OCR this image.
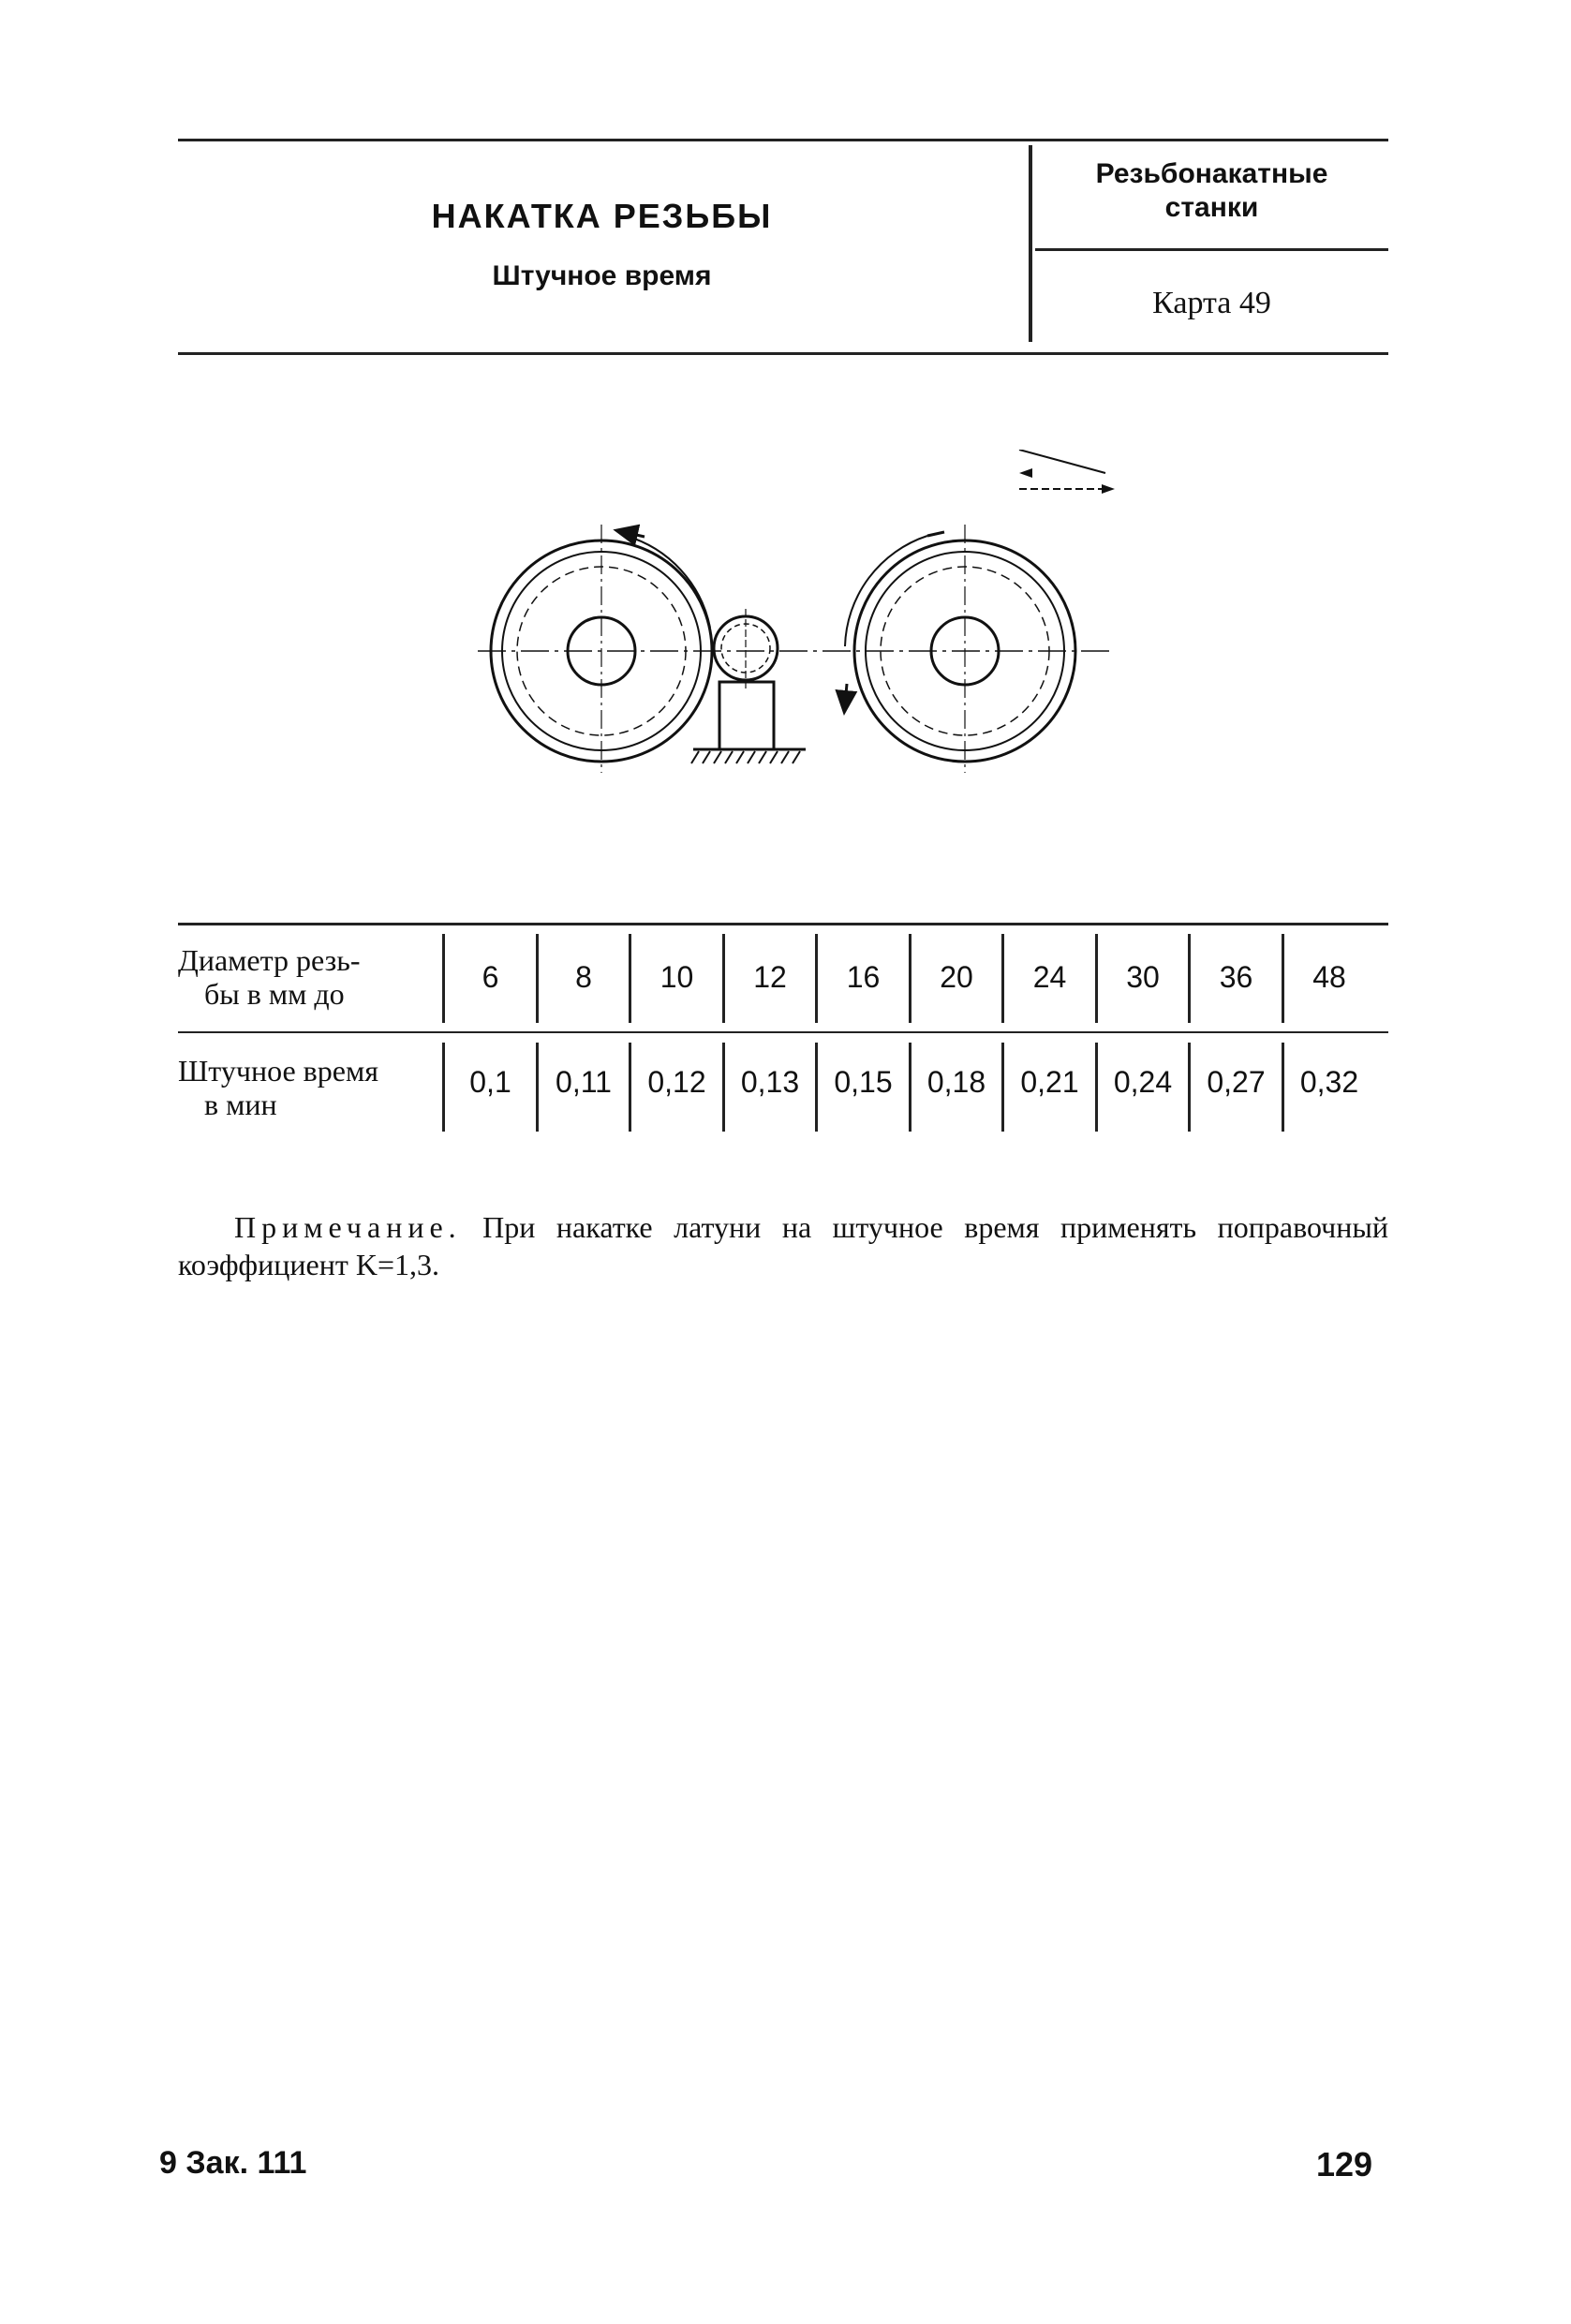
НАКАТКА РЕЗЬБЫ
Штучное время
Резьбонакатные
станки
Карта 49
Диаметр резь-
бы в мм до
Штучное время
в мин
6
0,1
8
0,11
10
0,12
12
0,13
16
0,15
20
0,18
24
0,21
30
0,24
36
0,27
48
0,32
Примечание. При накатке латуни на штучное время применять поправочный коэффициент K=1,3.
9 Зак. 111	129
